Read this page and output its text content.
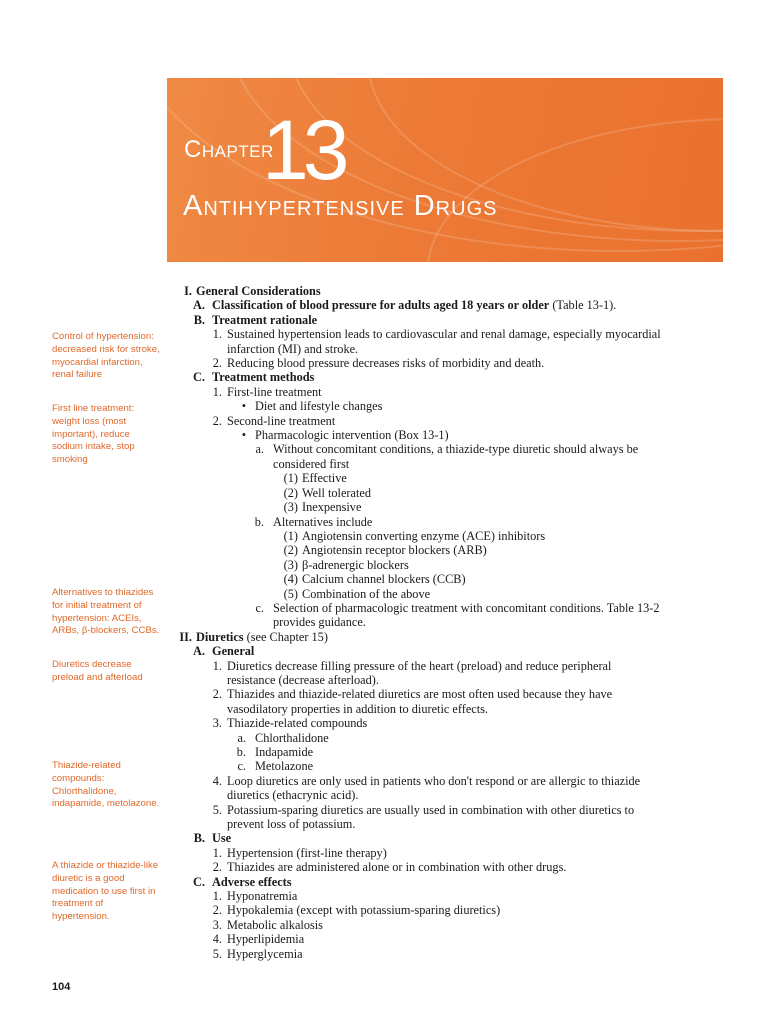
Chapter
13
Antihypertensive Drugs
Control of hypertension: decreased risk for stroke, myocardial infarction, renal failure
First line treatment: weight loss (most important), reduce sodium intake, stop smoking
Alternatives to thiazides for initial treatment of hypertension: ACEIs, ARBs, β-blockers, CCBs.
Diuretics decrease preload and afterload
Thiazide-related compounds: Chlorthalidone, indapamide, metolazone.
A thiazide or thiazide-like diuretic is a good medication to use first in treatment of hypertension.
I. General Considerations
A. Classification of blood pressure for adults aged 18 years or older (Table 13-1).
B. Treatment rationale
1. Sustained hypertension leads to cardiovascular and renal damage, especially myocardial
infarction (MI) and stroke.
2. Reducing blood pressure decreases risks of morbidity and death.
C. Treatment methods
1. First-line treatment
• Diet and lifestyle changes
2. Second-line treatment
• Pharmacologic intervention (Box 13-1)
a. Without concomitant conditions, a thiazide-type diuretic should always be
considered first
(1) Effective
(2) Well tolerated
(3) Inexpensive
b. Alternatives include
(1) Angiotensin converting enzyme (ACE) inhibitors
(2) Angiotensin receptor blockers (ARB)
(3) β-adrenergic blockers
(4) Calcium channel blockers (CCB)
(5) Combination of the above
c. Selection of pharmacologic treatment with concomitant conditions. Table 13-2
provides guidance.
II. Diuretics (see Chapter 15)
A. General
1. Diuretics decrease filling pressure of the heart (preload) and reduce peripheral
resistance (decrease afterload).
2. Thiazides and thiazide-related diuretics are most often used because they have
vasodilatory properties in addition to diuretic effects.
3. Thiazide-related compounds
a. Chlorthalidone
b. Indapamide
c. Metolazone
4. Loop diuretics are only used in patients who don't respond or are allergic to thiazide
diuretics (ethacrynic acid).
5. Potassium-sparing diuretics are usually used in combination with other diuretics to
prevent loss of potassium.
B. Use
1. Hypertension (first-line therapy)
2. Thiazides are administered alone or in combination with other drugs.
C. Adverse effects
1. Hyponatremia
2. Hypokalemia (except with potassium-sparing diuretics)
3. Metabolic alkalosis
4. Hyperlipidemia
5. Hyperglycemia
104
